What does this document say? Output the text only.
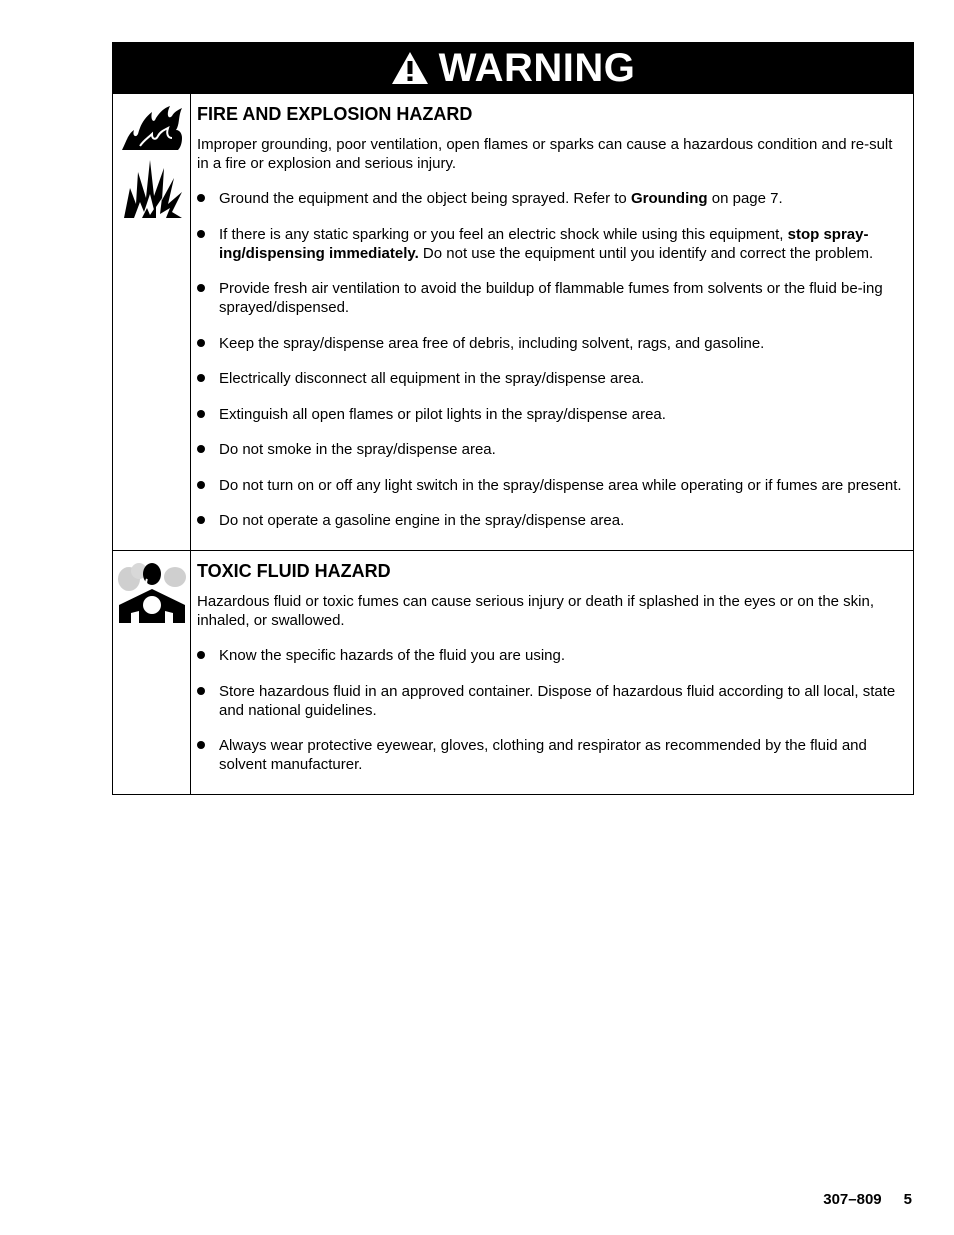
WARNING
FIRE AND EXPLOSION HAZARD

Improper grounding, poor ventilation, open flames or sparks can cause a hazardous condition and re-sult in a fire or explosion and serious injury.

Ground the equipment and the object being sprayed. Refer to Grounding on page 7.
If there is any static sparking or you feel an electric shock while using this equipment, stop spray-ing/dispensing immediately. Do not use the equipment until you identify and correct the problem.
Provide fresh air ventilation to avoid the buildup of flammable fumes from solvents or the fluid be-ing sprayed/dispensed.
Keep the spray/dispense area free of debris, including solvent, rags, and gasoline.
Electrically disconnect all equipment in the spray/dispense area.
Extinguish all open flames or pilot lights in the spray/dispense area.
Do not smoke in the spray/dispense area.
Do not turn on or off any light switch in the spray/dispense area while operating or if fumes are present.
Do not operate a gasoline engine in the spray/dispense area.
TOXIC FLUID HAZARD

Hazardous fluid or toxic fumes can cause serious injury or death if splashed in the eyes or on the skin, inhaled, or swallowed.

Know the specific hazards of the fluid you are using.
Store hazardous fluid in an approved container. Dispose of hazardous fluid according to all local, state and national guidelines.
Always wear protective eyewear, gloves, clothing and respirator as recommended by the fluid and solvent manufacturer.
307–809 5
